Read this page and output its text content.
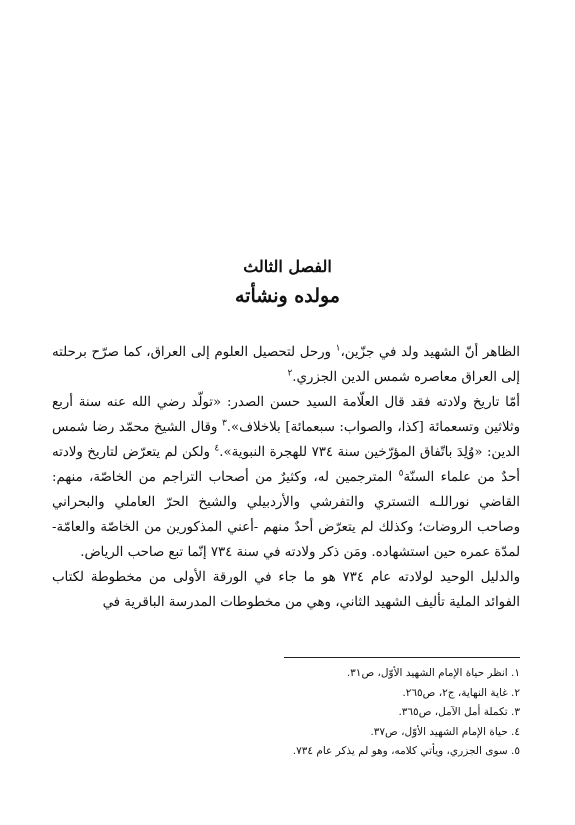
الفصل الثالث
مولده ونشأته

الظاهر أنّ الشهيد ولد في جزّين،$^١$ ورحل لتحصيل العلوم إلى العراق، كما صرّح برحلته إلى العراق معاصره شمس الدين الجزري.$^٢$

أمّا تاريخ ولادته فقد قال العلّامة السيد حسن الصدر: «تولّد رضي الله عنه سنة أربع وثلاثين وتسعمائة [كذا، والصواب: سبعمائة] بلاخلاف».$^٣$ وقال الشيخ محمّد رضا شمس الدين: «وُلِدَ باتّفاق المؤرّخين سنة ٧٣٤ للهجرة النبوية».$^٤$ ولكن لم يتعرّض لتاريخ ولادته أحدٌ من علماء السنّة$^٥$ المترجمين له، وكثيرٌ من أصحاب التراجم من الخاصّة، منهم: القاضي نوراللـه التستري والتفرشي والأردبيلي والشيخ الحرّ العاملي والبحراني وصاحب الروضات؛ وكذلك لم يتعرّض أحدٌ منهم -أعني المذكورين من الخاصّة والعامّة- لمدّة عمره حين استشهاده. ومَن ذكر ولادته في سنة ٧٣٤ إنّما تبع صاحب الرياض.

والدليل الوحيد لولادته عام ٧٣٤ هو ما جاء في الورقة الأولى من مخطوطة لكتاب الفوائد الملية تأليف الشهيد الثاني، وهي من مخطوطات المدرسة الباقرية في

١. انظر حياة الإمام الشهيد الأوّل، ص٣١.
٢. غاية النهاية، ج٢، ص٢٦٥.
٣. تكملة أمل الآمل، ص٣٦٥.
٤. حياة الإمام الشهيد الأوّل، ص٣٧.
٥. سوى الجزري، ويأتي كلامه، وهو لم يذكر عام ٧٣٤.
